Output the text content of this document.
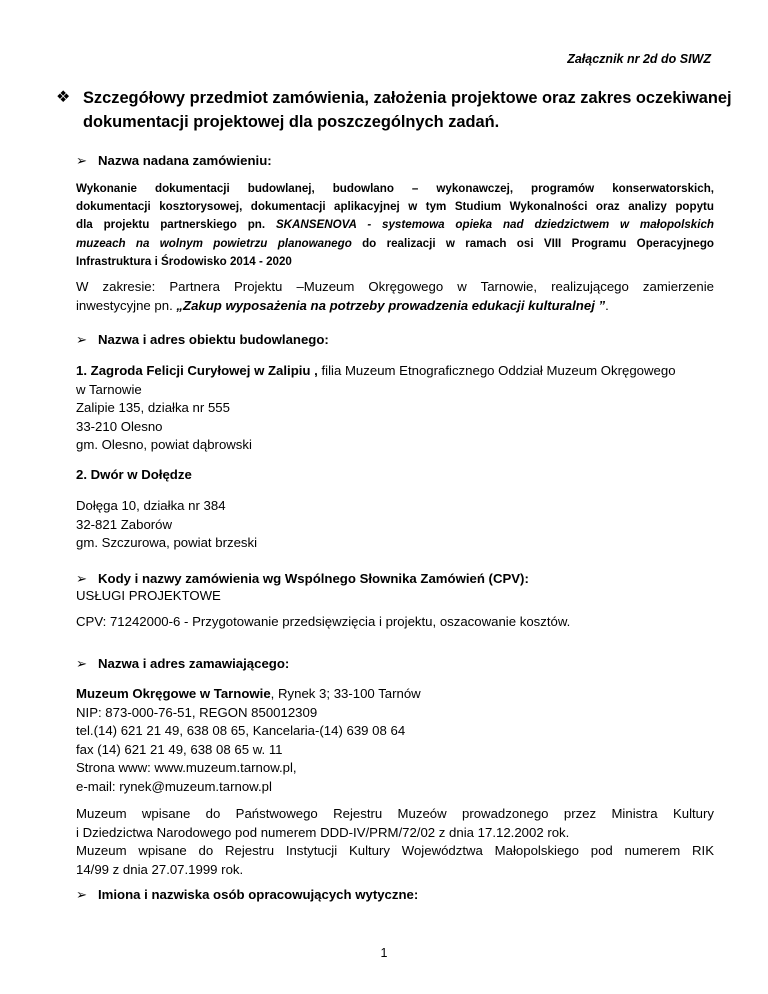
Załącznik nr 2d do SIWZ
❖ Szczegółowy przedmiot zamówienia, założenia projektowe oraz zakres oczekiwanej
dokumentacji projektowej dla poszczególnych zadań.
➢ Nazwa nadana zamówieniu:
Wykonanie dokumentacji budowlanej, budowlano – wykonawczej, programów konserwatorskich,
dokumentacji kosztorysowej, dokumentacji aplikacyjnej w tym Studium Wykonalności oraz analizy popytu
dla projektu partnerskiego pn. SKANSENOVA - systemowa opieka nad dziedzictwem w małopolskich
muzeach na wolnym powietrzu planowanego do realizacji w ramach osi VIII Programu Operacyjnego
Infrastruktura i Środowisko 2014 - 2020
W zakresie: Partnera Projektu –Muzeum Okręgowego w Tarnowie, realizującego zamierzenie
inwestycyjne pn. „Zakup wyposażenia na potrzeby prowadzenia edukacji kulturalnej ”.
➢ Nazwa i adres obiektu budowlanego:
1. Zagroda Felicji Curyłowej w Zalipiu , filia Muzeum Etnograficznego Oddział Muzeum Okręgowego
w Tarnowie
Zalipie 135, działka nr 555
33-210 Olesno
gm. Olesno, powiat dąbrowski
2. Dwór w Dołędze
Dołęga 10, działka nr 384
32-821 Zaborów
gm. Szczurowa, powiat brzeski
➢ Kody i nazwy zamówienia wg Wspólnego Słownika Zamówień (CPV):
USŁUGI PROJEKTOWE
CPV: 71242000-6 - Przygotowanie przedsięwzięcia i projektu, oszacowanie kosztów.
➢ Nazwa i adres zamawiającego:
Muzeum Okręgowe w Tarnowie, Rynek 3; 33-100 Tarnów
NIP: 873-000-76-51, REGON 850012309
tel.(14) 621 21 49, 638 08 65, Kancelaria-(14) 639 08 64
fax (14) 621 21 49, 638 08 65 w. 11
Strona www: www.muzeum.tarnow.pl,
e-mail: rynek@muzeum.tarnow.pl
Muzeum wpisane do Państwowego Rejestru Muzeów prowadzonego przez Ministra Kultury
i Dziedzictwa Narodowego pod numerem DDD-IV/PRM/72/02 z dnia 17.12.2002 rok.
Muzeum wpisane do Rejestru Instytucji Kultury Województwa Małopolskiego pod numerem RIK
14/99 z dnia 27.07.1999 rok.
➢ Imiona i nazwiska osób opracowujących wytyczne:
1
